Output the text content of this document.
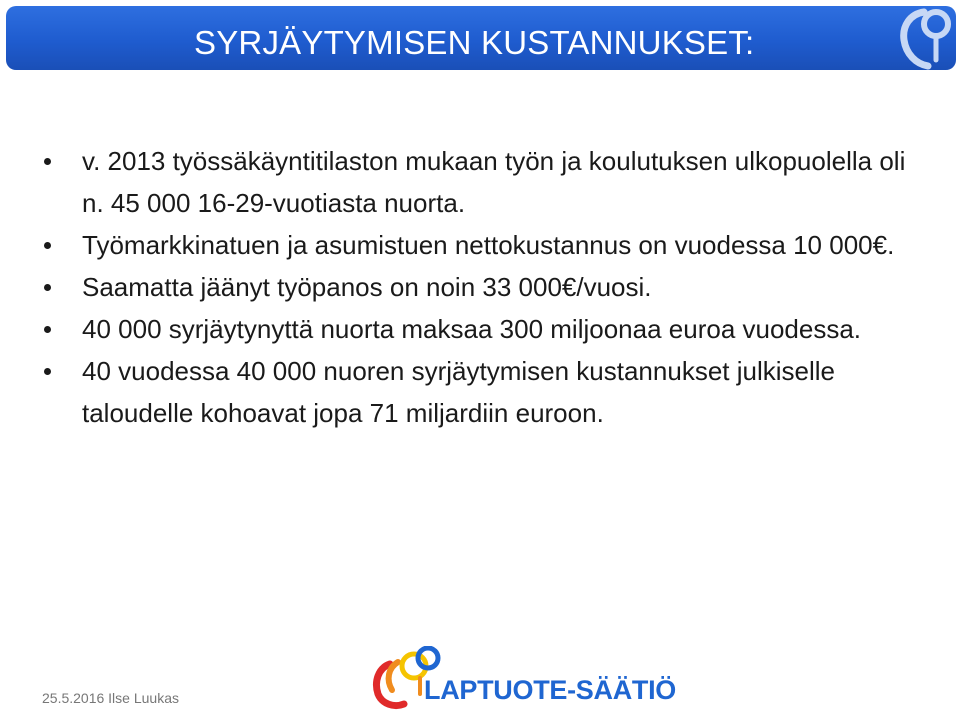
SYRJÄYTYMISEN KUSTANNUKSET:
v. 2013 työssäkäyntitilaston mukaan työn ja koulutuksen ulkopuolella oli n. 45 000 16-29-vuotiasta nuorta.
Työmarkkinatuen ja asumistuen nettokustannus on vuodessa 10 000€.
Saamatta jäänyt työpanos on noin 33 000€/vuosi.
40 000 syrjäytynyttä nuorta maksaa 300 miljoonaa euroa vuodessa.
40 vuodessa 40 000 nuoren syrjäytymisen kustannukset julkiselle taloudelle kohoavat jopa 71 miljardiin euroon.
25.5.2016 Ilse Luukas	LAPTUOTE-SÄÄTIÖ
